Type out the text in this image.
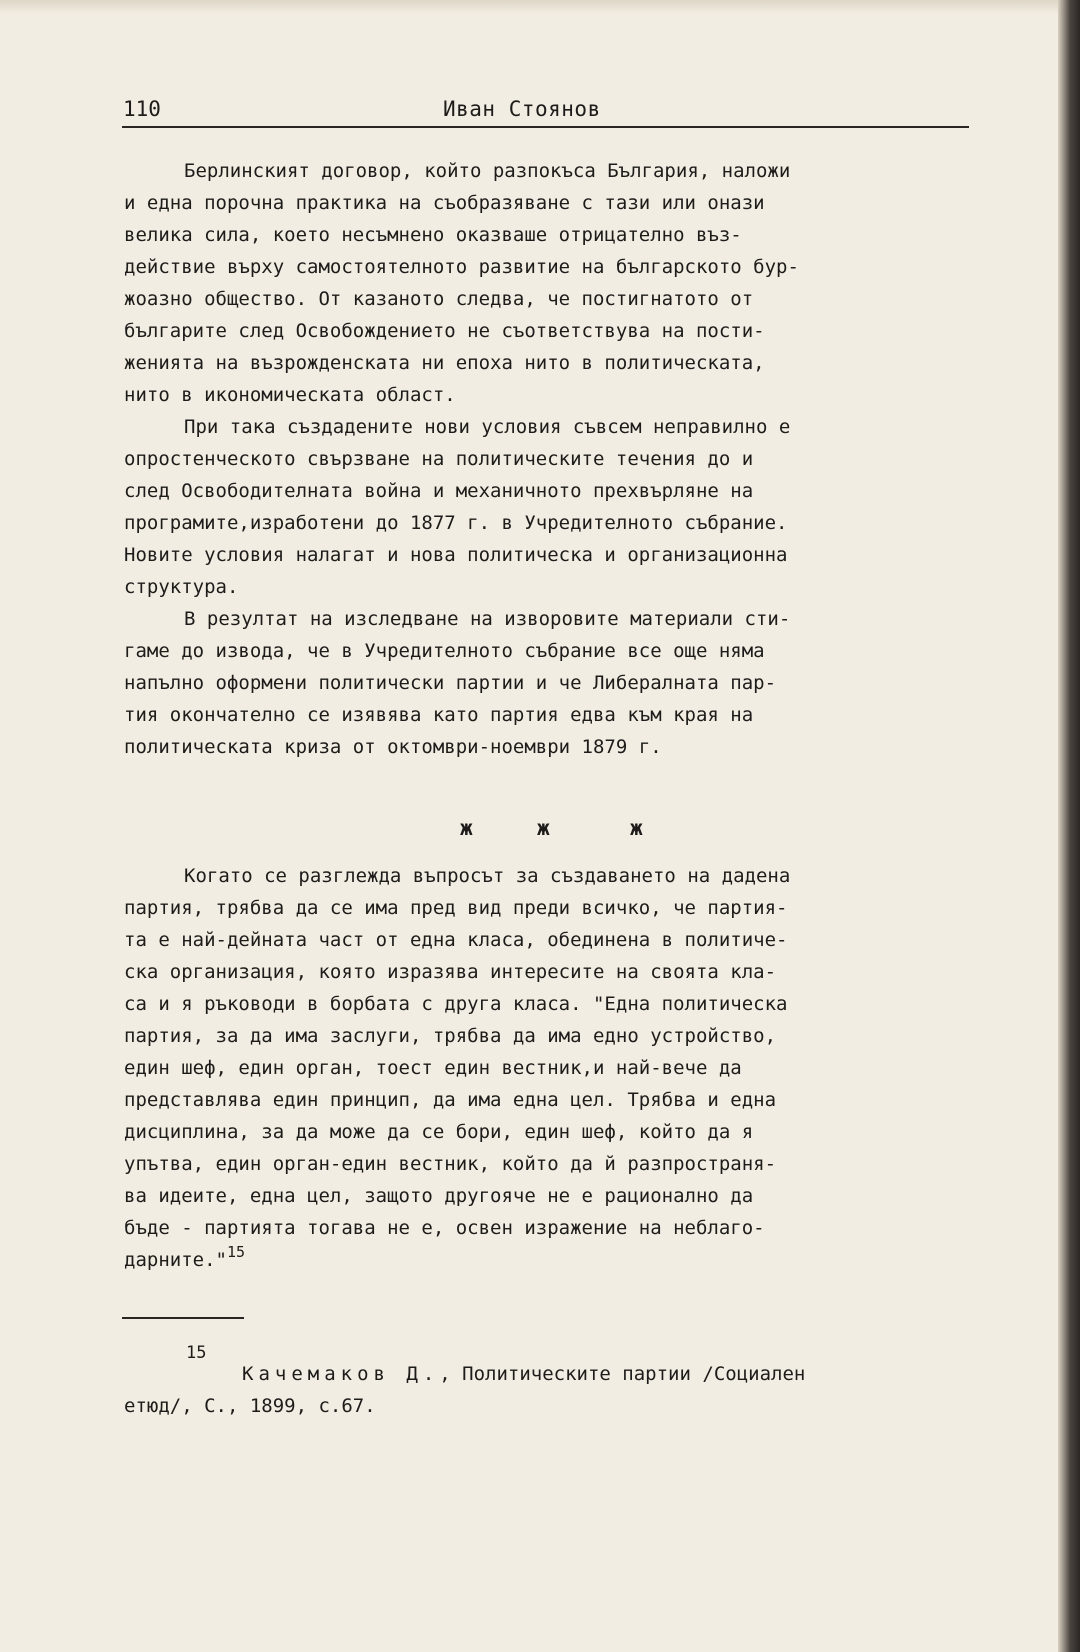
110	Иван Стоянов
Берлинският договор, който разпокъса България, наложи
и една порочна практика на съобразяване с тази или онази
велика сила, което несъмнено оказваше отрицателно въз-
действие върху самостоятелното развитие на българското бур-
жоазно общество. От казаното следва, че постигнатото от
българите след Освобождението не съответствува на пости-
женията на възрожденската ни епоха нито в политическата,
нито в икономическата област.
При така създадените нови условия съвсем неправилно е
опростенческото свързване на политическите течения до и
след Освободителната война и механичното прехвърляне на
програмите,изработени до 1877 г. в Учредителното събрание.
Новите условия налагат и нова политическа и организационна
структура.
В резултат на изследване на изворовите материали сти-
гаме до извода, че в Учредителното събрание все още няма
напълно оформени политически партии и че Либералната пар-
тия окончателно се изявява като партия едва към края на
политическата криза от октомври-ноември 1879 г.
ж	ж	ж
Когато се разглежда въпросът за създаването на дадена
партия, трябва да се има пред вид преди всичко, че партия-
та е най-дейната част от една класа, обединена в политиче-
ска организация, която изразява интересите на своята кла-
са и я ръководи в борбата с друга класа. "Една политическа
партия, за да има заслуги, трябва да има едно устройство,
един шеф, един орган, тоест един вестник,и най-вече да
представлява един принцип, да има една цел. Трябва и една
дисциплина, за да може да се бори, един шеф, който да я
упътва, един орган-един вестник, който да й разпространя-
ва идеите, една цел, защото другояче не е рационално да
бъде - партията тогава не е, освен изражение на неблаго-
дарните."$^{15}$
15
Качемаков Д., Политическите партии /Социален
етюд/, С., 1899, с.67.
